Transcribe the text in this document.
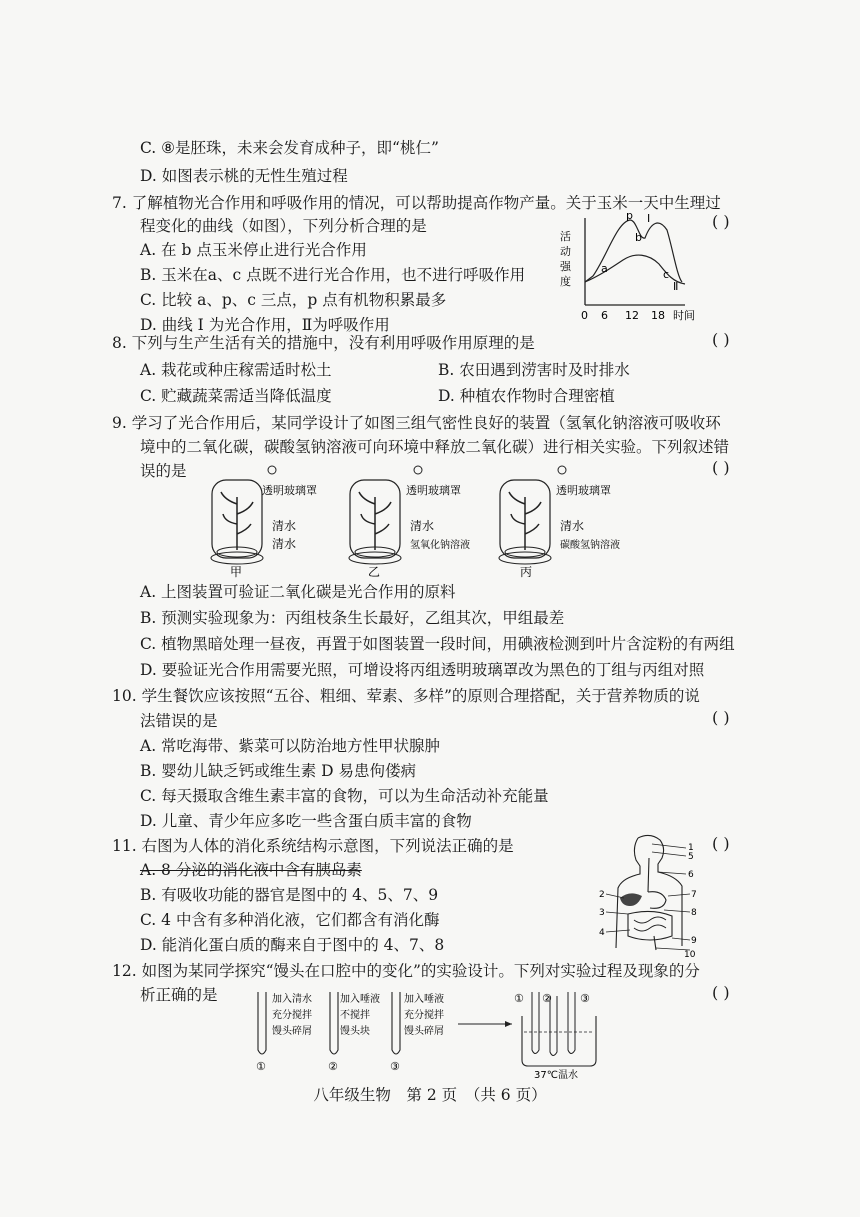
C. ⑧是胚珠，未来会发育成种子，即“桃仁”
D. 如图表示桃的无性生殖过程
7. 了解植物光合作用和呼吸作用的情况，可以帮助提高作物产量。关于玉米一天中生理过
程变化的曲线（如图），下列分析合理的是	( )
A. 在 b 点玉米停止进行光合作用
B. 玉米在a、c 点既不进行光合作用，也不进行呼吸作用
C. 比较 a、p、c 三点，p 点有机物积累最多
D. 曲线 I 为光合作用，Ⅱ为呼吸作用
活
动
强
度
0 6 12 18 时间
p
b
a	c
I
Ⅱ
8. 下列与生产生活有关的措施中，没有利用呼吸作用原理的是	( )
A. 栽花或种庄稼需适时松土	B. 农田遇到涝害时及时排水
C. 贮藏蔬菜需适当降低温度	D. 种植农作物时合理密植
9. 学习了光合作用后，某同学设计了如图三组气密性良好的装置（氢氧化钠溶液可吸收环
境中的二氧化碳，碳酸氢钠溶液可向环境中释放二氧化碳）进行相关实验。下列叙述错
误的是	( )
透明玻璃罩
清水
清水
甲
透明玻璃罩
清水
氢氧化钠溶液
乙
透明玻璃罩
清水
碳酸氢钠溶液
丙
A. 上图装置可验证二氧化碳是光合作用的原料
B. 预测实验现象为：丙组枝条生长最好，乙组其次，甲组最差
C. 植物黑暗处理一昼夜，再置于如图装置一段时间，用碘液检测到叶片含淀粉的有两组
D. 要验证光合作用需要光照，可增设将丙组透明玻璃罩改为黑色的丁组与丙组对照
10. 学生餐饮应该按照“五谷、粗细、荤素、多样”的原则合理搭配，关于营养物质的说
法错误的是	( )
A. 常吃海带、紫菜可以防治地方性甲状腺肿
B. 婴幼儿缺乏钙或维生素 D 易患佝偻病
C. 每天摄取含维生素丰富的食物，可以为生命活动补充能量
D. 儿童、青少年应多吃一些含蛋白质丰富的食物
11. 右图为人体的消化系统结构示意图，下列说法正确的是	( )
A. 8 分泌的消化液中含有胰岛素
B. 有吸收功能的器官是图中的 4、5、7、9
C. 4 中含有多种消化液，它们都含有消化酶
D. 能消化蛋白质的酶来自于图中的 4、7、8
1
2
3
4
5
6
7
8
9
10
12. 如图为某同学探究“馒头在口腔中的变化”的实验设计。下列对实验过程及现象的分
析正确的是	( )
加入清水
充分搅拌
馒头碎屑
①
加入唾液
不搅拌
馒头块
②
加入唾液
充分搅拌
馒头碎屑
③
① ②	③
37℃温水
八年级生物　第 2 页　（共 6 页）
